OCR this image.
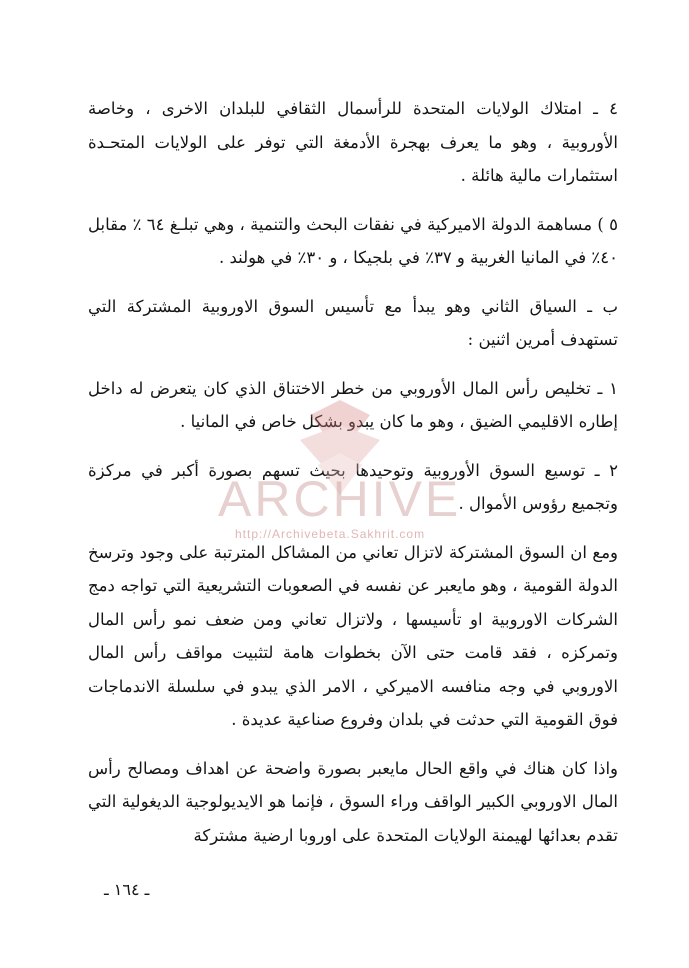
٤ ـ امتلاك الولايات المتحدة للرأسمال الثقافي للبلدان الاخرى ، وخاصة الأوروبية ، وهو ما يعرف بهجرة الأدمغة التي توفر على الولايات المتحـدة استثمارات مالية هائلة .

٥ ) مساهمة الدولة الاميركية في نفقات البحث والتنمية ، وهي تبلـغ ٦٤ ٪ مقابل ٤٠٪ في المانيا الغربية و ٣٧٪ في بلجيكا ، و ٣٠٪ في هولند .

ب ـ السياق الثاني وهو يبدأ مع تأسيس السوق الاوروبية المشتركة التي تستهدف أمرين اثنين :

١ ـ تخليص رأس المال الأوروبي من خطر الاختناق الذي كان يتعرض له داخل إطاره الاقليمي الضيق ، وهو ما كان يبدو بشكل خاص في المانيا .

٢ ـ توسيع السوق الأوروبية وتوحيدها بحيث تسهم بصورة أكبر في مركزة وتجميع رؤوس الأموال .

ومع ان السوق المشتركة لاتزال تعاني من المشاكل المترتبة على وجود وترسخ الدولة القومية ، وهو مايعبر عن نفسه في الصعوبات التشريعية التي تواجه دمج الشركات الاوروبية او تأسيسها ، ولاتزال تعاني ومن ضعف نمو رأس المال وتمركزه ، فقد قامت حتى الآن بخطوات هامة لتثبيت مواقف رأس المال الاوروبي في وجه منافسه الاميركي ، الامر الذي يبدو في سلسلة الاندماجات فوق القومية التي حدثت في بلدان وفروع صناعية عديدة .

واذا كان هناك في واقع الحال مايعبر بصورة واضحة عن اهداف ومصالح رأس المال الاوروبي الكبير الواقف وراء السوق ، فإنما هو الايديولوجية الديغولية التي تقدم بعدائها لهيمنة الولايات المتحدة على اوروبا ارضية مشتركة

ARCHIVE
http://Archivebeta.Sakhrit.com
ـ ١٦٤ ـ
